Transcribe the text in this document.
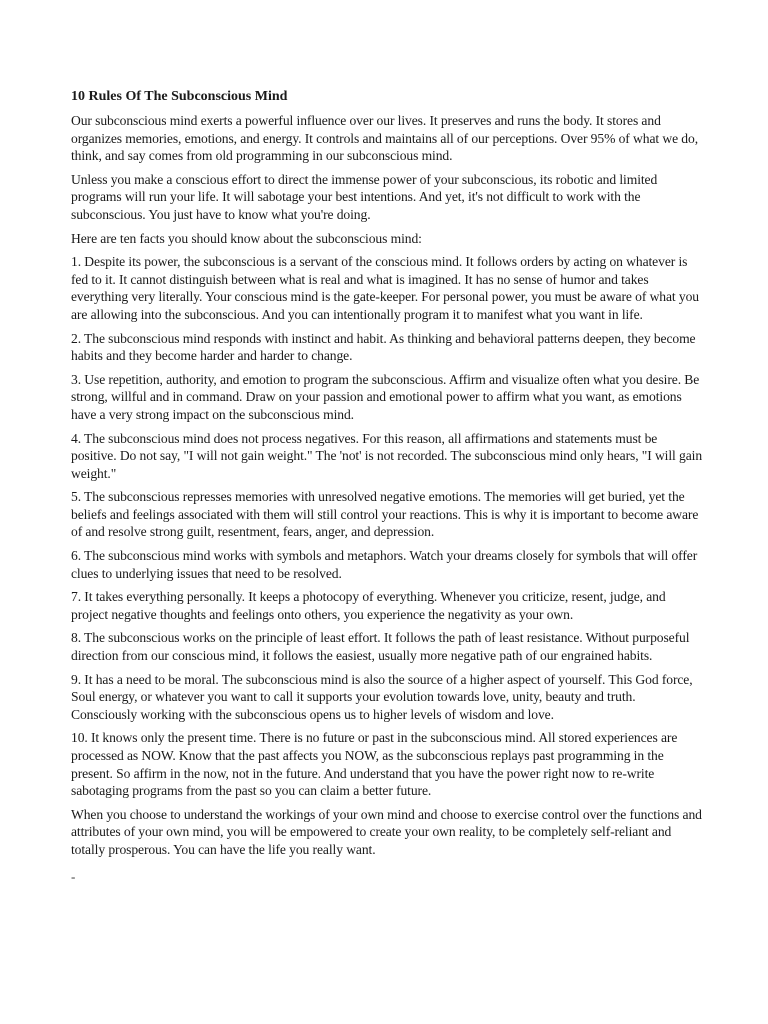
10 Rules Of The Subconscious Mind

Our subconscious mind exerts a powerful influence over our lives. It preserves and runs the body. It stores and organizes memories, emotions, and energy. It controls and maintains all of our perceptions. Over 95% of what we do, think, and say comes from old programming in our subconscious mind.

Unless you make a conscious effort to direct the immense power of your subconscious, its robotic and limited programs will run your life. It will sabotage your best intentions. And yet, it's not difficult to work with the subconscious. You just have to know what you're doing.

Here are ten facts you should know about the subconscious mind:

1. Despite its power, the subconscious is a servant of the conscious mind. It follows orders by acting on whatever is fed to it. It cannot distinguish between what is real and what is imagined. It has no sense of humor and takes everything very literally. Your conscious mind is the gate-keeper. For personal power, you must be aware of what you are allowing into the subconscious. And you can intentionally program it to manifest what you want in life.

2. The subconscious mind responds with instinct and habit. As thinking and behavioral patterns deepen, they become habits and they become harder and harder to change.

3. Use repetition, authority, and emotion to program the subconscious. Affirm and visualize often what you desire. Be strong, willful and in command. Draw on your passion and emotional power to affirm what you want, as emotions have a very strong impact on the subconscious mind.

4. The subconscious mind does not process negatives. For this reason, all affirmations and statements must be positive. Do not say, "I will not gain weight." The 'not' is not recorded. The subconscious mind only hears, "I will gain weight."

5. The subconscious represses memories with unresolved negative emotions. The memories will get buried, yet the beliefs and feelings associated with them will still control your reactions. This is why it is important to become aware of and resolve strong guilt, resentment, fears, anger, and depression.

6. The subconscious mind works with symbols and metaphors. Watch your dreams closely for symbols that will offer clues to underlying issues that need to be resolved.

7. It takes everything personally. It keeps a photocopy of everything. Whenever you criticize, resent, judge, and project negative thoughts and feelings onto others, you experience the negativity as your own.

8. The subconscious works on the principle of least effort. It follows the path of least resistance. Without purposeful direction from our conscious mind, it follows the easiest, usually more negative path of our engrained habits.

9. It has a need to be moral. The subconscious mind is also the source of a higher aspect of yourself. This God force, Soul energy, or whatever you want to call it supports your evolution towards love, unity, beauty and truth. Consciously working with the subconscious opens us to higher levels of wisdom and love.

10. It knows only the present time. There is no future or past in the subconscious mind. All stored experiences are processed as NOW. Know that the past affects you NOW, as the subconscious replays past programming in the present. So affirm in the now, not in the future. And understand that you have the power right now to re-write sabotaging programs from the past so you can claim a better future.

When you choose to understand the workings of your own mind and choose to exercise control over the functions and attributes of your own mind, you will be empowered to create your own reality, to be completely self-reliant and totally prosperous. You can have the life you really want.

-
